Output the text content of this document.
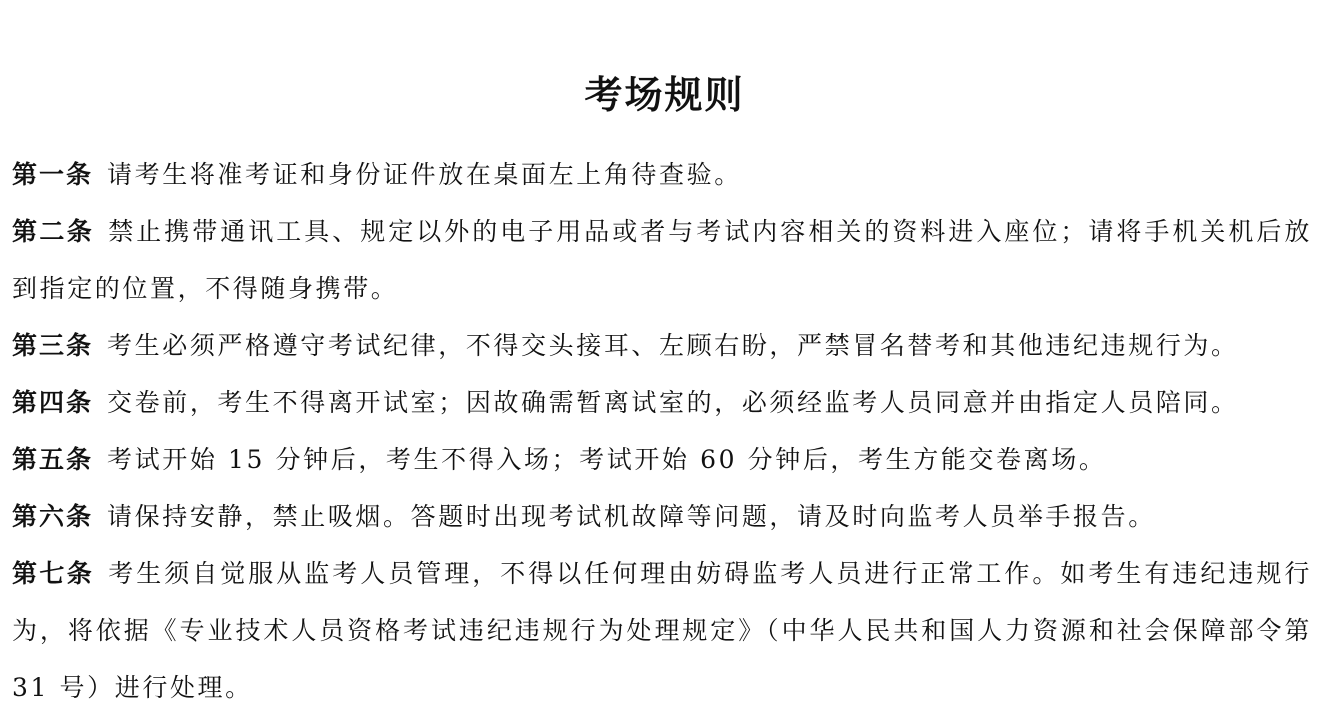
考场规则
第一条 请考生将准考证和身份证件放在桌面左上角待查验。
第二条 禁止携带通讯工具、规定以外的电子用品或者与考试内容相关的资料进入座位；请将手机关机后放到指定的位置，不得随身携带。
第三条 考生必须严格遵守考试纪律，不得交头接耳、左顾右盼，严禁冒名替考和其他违纪违规行为。
第四条 交卷前，考生不得离开试室；因故确需暂离试室的，必须经监考人员同意并由指定人员陪同。
第五条 考试开始 15 分钟后，考生不得入场；考试开始 60 分钟后，考生方能交卷离场。
第六条 请保持安静，禁止吸烟。答题时出现考试机故障等问题，请及时向监考人员举手报告。
第七条 考生须自觉服从监考人员管理，不得以任何理由妨碍监考人员进行正常工作。如考生有违纪违规行为，将依据《专业技术人员资格考试违纪违规行为处理规定》（中华人民共和国人力资源和社会保障部令第 31 号）进行处理。
